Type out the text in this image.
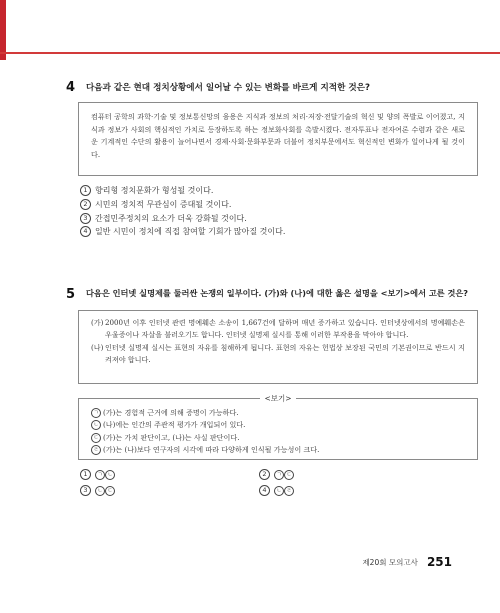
4 다음과 같은 현대 정치상황에서 일어날 수 있는 변화를 바르게 지적한 것은?

컴퓨터 공학의 과학·기술 및 정보통신망의 융용은 지식과 정보의 처리·저장·전달기술의 혁신 및 양의 폭발로 이어졌고, 지식과 정보가 사회의 핵심적인 가치로 등장하도록 하는 정보화사회를 촉발시켰다. 전자투표나 전자여론 수렴과 같은 새로운 기계적인 수단의 활용이 늘어나면서 경제·사회·문화부문과 더불어 정치부문에서도 혁신적인 변화가 일어나게 될 것이다.

1 향리형 정치문화가 형성될 것이다.
2 시민의 정치적 무관심이 증대될 것이다.
3 간접민주정치의 요소가 더욱 강화될 것이다.
4 일반 시민이 정치에 직접 참여할 기회가 많아질 것이다.
5 다음은 인터넷 실명제를 둘러싼 논쟁의 일부이다. (가)와 (나)에 대한 옳은 설명을 <보기>에서 고른 것은?
(가) 2000년 이후 인터넷 관련 명예훼손 소송이 1,667건에 달하며 매년 증가하고 있습니다. 인터넷상에서의 명예훼손은 우울증이나 자살을 불러오기도 합니다. 인터넷 실명제 실시를 통해 이러한 부작용을 막아야 합니다.
(나) 인터넷 실명제 실시는 표현의 자유를 침해하게 됩니다. 표현의 자유는 헌법상 보장된 국민의 기본권이므로 반드시 지켜져야 합니다.
<보기>
ㄱ (가)는 경험적 근거에 의해 증명이 가능하다.
ㄴ (나)에는 인간의 주관적 평가가 개입되어 있다.
ㄷ (가)는 가치 판단이고, (나)는 사실 판단이다.
ㄹ (가)는 (나)보다 연구자의 시각에 따라 다양하게 인식될 가능성이 크다.
1 ㄱ ㄴ	2 ㄱ ㄷ
3 ㄴ ㄷ	4 ㄴ ㄹ
제20회 모의고사 251
